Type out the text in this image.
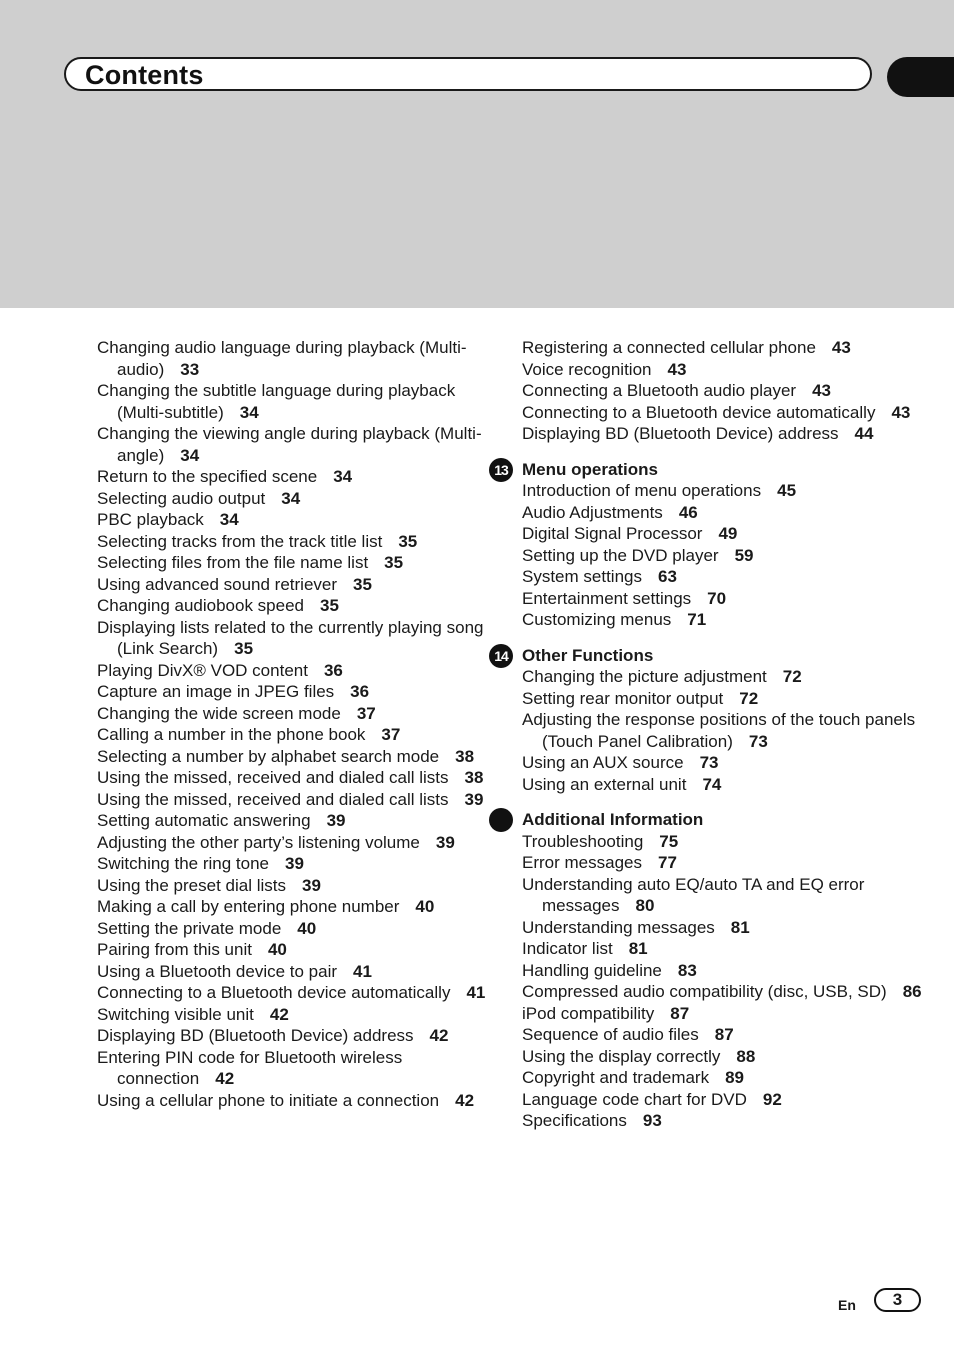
Contents

Changing audio language during playback (Multi-audio) 33

Changing the subtitle language during playback (Multi-subtitle) 34

Changing the viewing angle during playback (Multi-angle) 34

Return to the specified scene 34

Selecting audio output 34

PBC playback 34

Selecting tracks from the track title list 35

Selecting files from the file name list 35

Using advanced sound retriever 35

Changing audiobook speed 35

Displaying lists related to the currently playing song (Link Search) 35

Playing DivX® VOD content 36

Capture an image in JPEG files 36

Changing the wide screen mode 37

Calling a number in the phone book 37

Selecting a number by alphabet search mode 38

Using the missed, received and dialed call lists 38

Using the missed, received and dialed call lists 39

Setting automatic answering 39

Adjusting the other party’s listening volume 39

Switching the ring tone 39

Using the preset dial lists 39

Making a call by entering phone number 40

Setting the private mode 40

Pairing from this unit 40

Using a Bluetooth device to pair 41

Connecting to a Bluetooth device automatically 41

Switching visible unit 42

Displaying BD (Bluetooth Device) address 42

Entering PIN code for Bluetooth wireless connection 42

Using a cellular phone to initiate a connection 42

Registering a connected cellular phone 43

Voice recognition 43

Connecting a Bluetooth audio player 43

Connecting to a Bluetooth device automatically 43

Displaying BD (Bluetooth Device) address 44

13 Menu operations

Introduction of menu operations 45

Audio Adjustments 46

Digital Signal Processor 49

Setting up the DVD player 59

System settings 63

Entertainment settings 70

Customizing menus 71

14 Other Functions

Changing the picture adjustment 72

Setting rear monitor output 72

Adjusting the response positions of the touch panels (Touch Panel Calibration) 73

Using an AUX source 73

Using an external unit 74

Additional Information

Troubleshooting 75

Error messages 77

Understanding auto EQ/auto TA and EQ error messages 80

Understanding messages 81

Indicator list 81

Handling guideline 83

Compressed audio compatibility (disc, USB, SD) 86

iPod compatibility 87

Sequence of audio files 87

Using the display correctly 88

Copyright and trademark 89

Language code chart for DVD 92

Specifications 93

En	3
